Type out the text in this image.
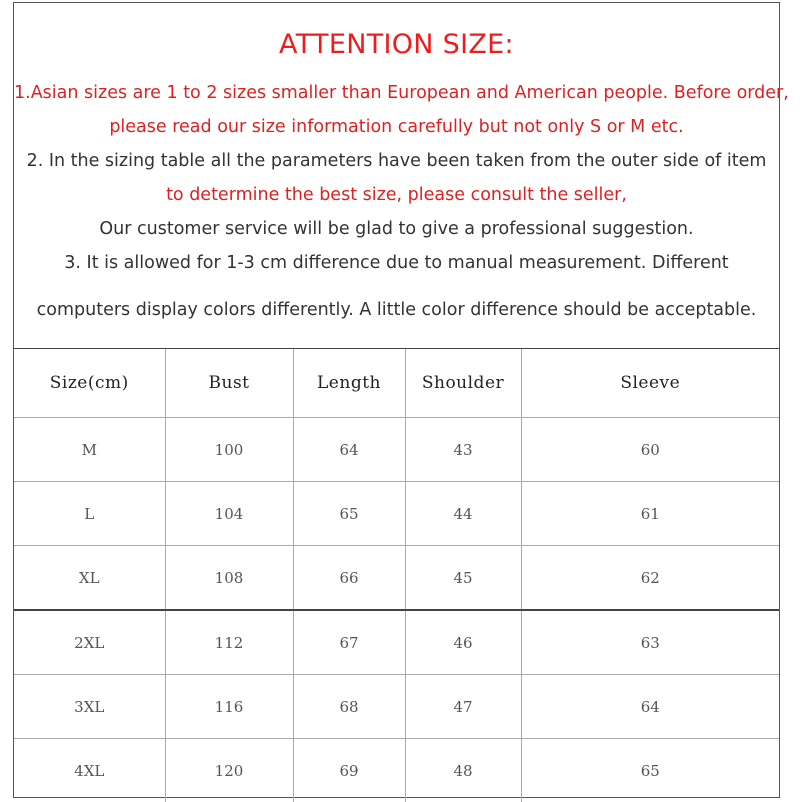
ATTENTION SIZE:
1.Asian sizes are 1 to 2 sizes smaller than European and American people. Before order,
please read our size information carefully but not only S or M etc.
2. In the sizing table all the parameters have been taken from the outer side of item
to determine the best size, please consult the seller,
Our customer service will be glad to give a professional suggestion.
3. It is allowed for 1-3 cm difference due to manual measurement. Different
computers display colors differently. A little color difference should be acceptable.
Size(cm)	Bust	Length	Shoulder	Sleeve
M	100	64	43	60
L	104	65	44	61
XL	108	66	45	62
2XL	112	67	46	63
3XL	116	68	47	64
4XL	120	69	48	65
